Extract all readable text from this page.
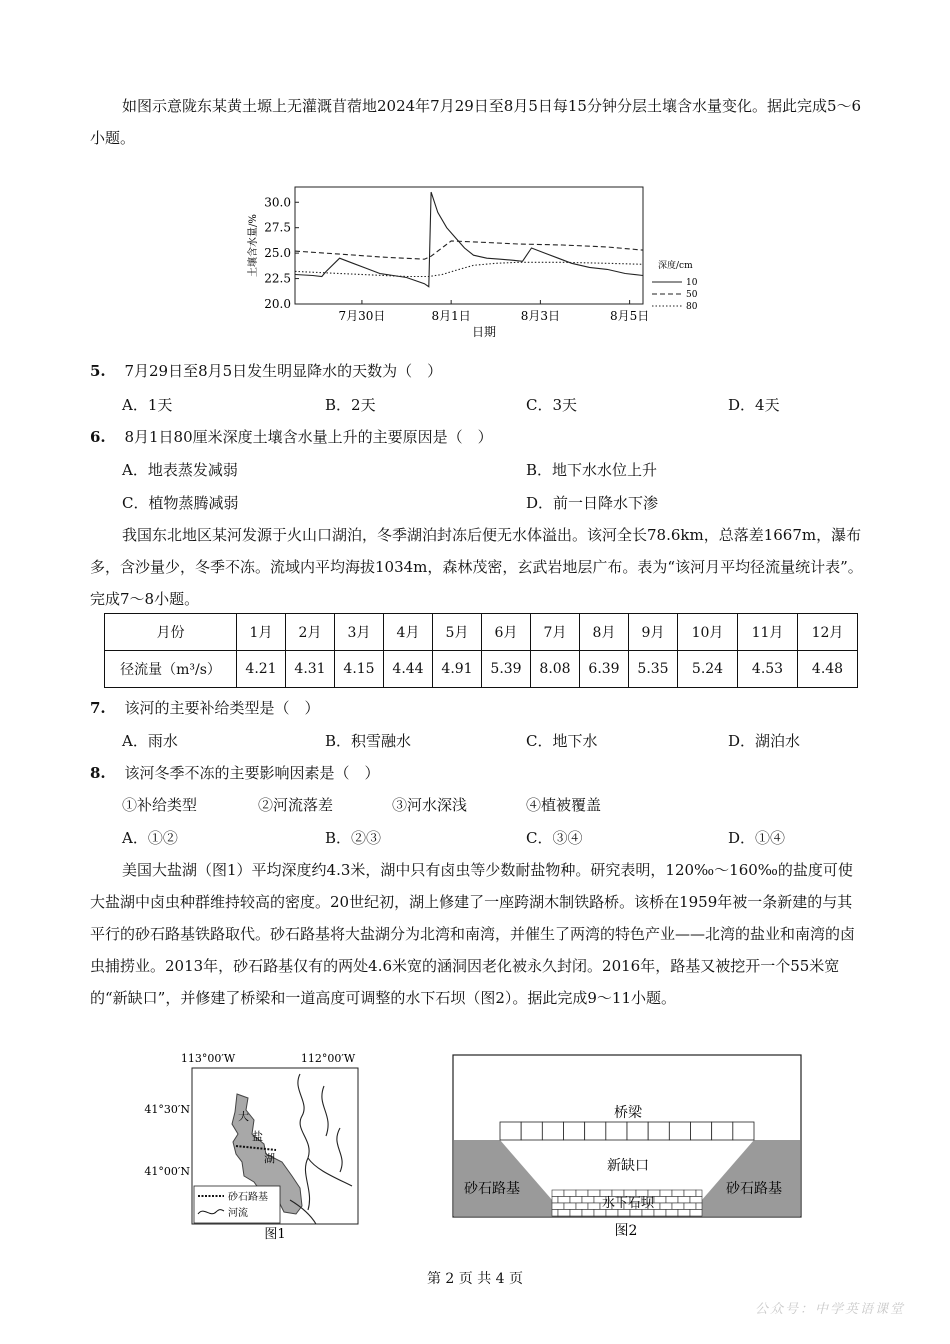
如图示意陇东某黄土塬上无灌溉苜蓿地2024年7月29日至8月5日每15分钟分层土壤含水量变化。据此完成5～6小题。
20.0
22.5
25.0
27.5
30.0
7月30日	8月1日	8月3日	8月5日
日期
土壤含水量/%	深度/cm
10
50
80
5. 7月29日至8月5日发生明显降水的天数为（　）
A．1天	B．2天	C．3天	D．4天
6. 8月1日80厘米深度土壤含水量上升的主要原因是（　）
A．地表蒸发减弱	B．地下水水位上升
C．植物蒸腾减弱	D．前一日降水下渗
我国东北地区某河发源于火山口湖泊，冬季湖泊封冻后便无水体溢出。该河全长78.6km，总落差1667m，瀑布多，含沙量少，冬季不冻。流域内平均海拔1034m，森林茂密，玄武岩地层广布。表为“该河月平均径流量统计表”。完成7～8小题。
月份	1月	2月	3月	4月	5月	6月	7月	8月	9月	10月	11月	12月
径流量（m³/s）	4.21	4.31	4.15	4.44	4.91	5.39	8.08	6.39	5.35	5.24	4.53	4.48
7. 该河的主要补给类型是（　）
A．雨水	B．积雪融水	C．地下水	D．湖泊水
8. 该河冬季不冻的主要影响因素是（　）
①补给类型	②河流落差	③河水深浅	④植被覆盖
A．①②	B．②③	C．③④	D．①④
美国大盐湖（图1）平均深度约4.3米，湖中只有卤虫等少数耐盐物种。研究表明，120‰～160‰的盐度可使大盐湖中卤虫种群维持较高的密度。20世纪初，湖上修建了一座跨湖木制铁路桥。该桥在1959年被一条新建的与其平行的砂石路基铁路取代。砂石路基将大盐湖分为北湾和南湾，并催生了两湾的特色产业——北湾的盐业和南湾的卤虫捕捞业。2013年，砂石路基仅有的两处4.6米宽的涵洞因老化被永久封闭。2016年，路基又被挖开一个55米宽的“新缺口”，并修建了桥梁和一道高度可调整的水下石坝（图2）。据此完成9～11小题。
113°00′W	112°00′W
41°30′N
41°00′N
大
盐
湖
砂石路基
河流
图1
桥梁
新缺口
砂石路基	砂石路基
水下石坝
图2
第 2 页 共 4 页
公众号：中学英语课堂
